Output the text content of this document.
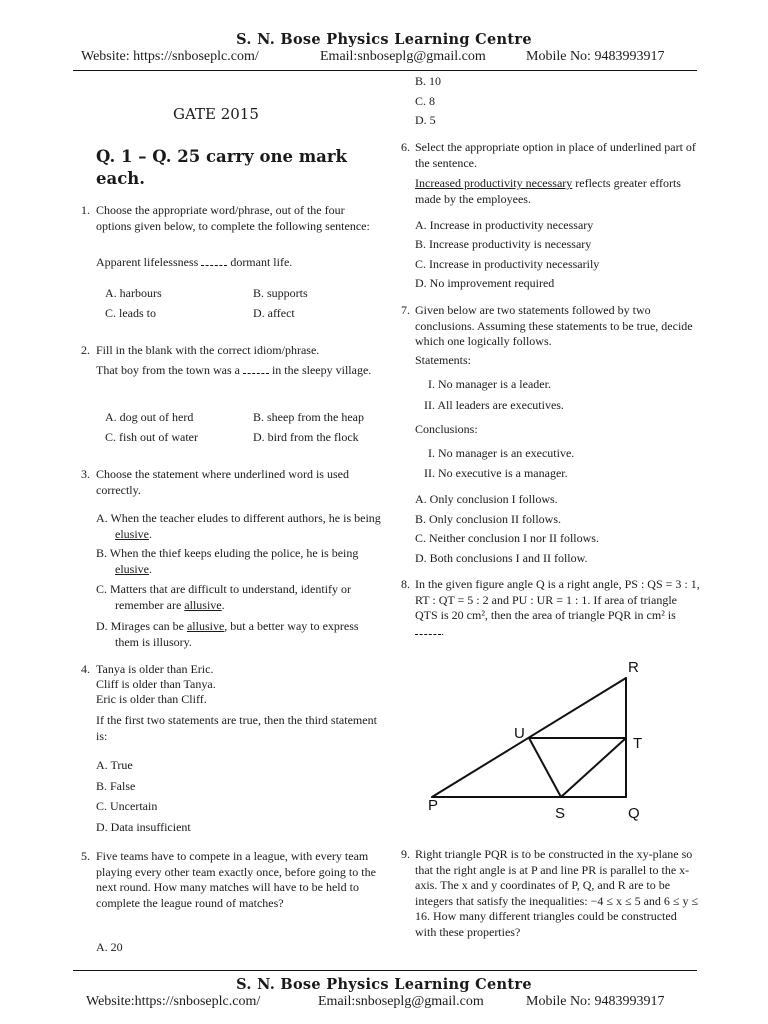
S. N. Bose Physics Learning Centre
Website: https://snboseplc.com/	Email:snboseplg@gmail.com	Mobile No: 9483993917
GATE 2015
Q. 1 – Q. 25 carry one mark each.
1. Choose the appropriate word/phrase, out of the four options given below, to complete the following sentence:
Apparent lifelessness	dormant life.
A. harbours	B. supports
C. leads to	D. affect
2. Fill in the blank with the correct idiom/phrase.
That boy from the town was a	in the sleepy village.
A. dog out of herd	B. sheep from the heap
C. fish out of water	D. bird from the flock
3. Choose the statement where underlined word is used correctly.
A. When the teacher eludes to different authors, he is being elusive.
B. When the thief keeps eluding the police, he is being elusive.
C. Matters that are difficult to understand, identify or remember are allusive.
D. Mirages can be allusive, but a better way to express them is illusory.
4. Tanya is older than Eric.
Cliff is older than Tanya.
Eric is older than Cliff.
If the first two statements are true, then the third statement is:
A. True
B. False
C. Uncertain
D. Data insufficient
5. Five teams have to compete in a league, with every team playing every other team exactly once, before going to the next round. How many matches will have to be held to complete the league round of matches?
A. 20
B. 10
C. 8
D. 5
6. Select the appropriate option in place of underlined part of the sentence.
Increased productivity necessary reflects greater efforts made by the employees.
A. Increase in productivity necessary
B. Increase productivity is necessary
C. Increase in productivity necessarily
D. No improvement required
7. Given below are two statements followed by two conclusions. Assuming these statements to be true, decide which one logically follows.
Statements:
I. No manager is a leader.
II. All leaders are executives.
Conclusions:
I. No manager is an executive.
II. No executive is a manager.
A. Only conclusion I follows.
B. Only conclusion II follows.
C. Neither conclusion I nor II follows.
D. Both conclusions I and II follow.
8. In the given figure angle Q is a right angle, PS : QS = 3 : 1, RT : QT = 5 : 2 and PU : UR = 1 : 1. If area of triangle QTS is 20 cm², then the area of triangle PQR in cm² is .
9. Right triangle PQR is to be constructed in the xy-plane so that the right angle is at P and line PR is parallel to the x-axis. The x and y coordinates of P, Q, and R are to be integers that satisfy the inequalities: −4 ≤ x ≤ 5 and 6 ≤ y ≤ 16. How many different triangles could be constructed with these properties?
R
U
T
P	S	Q
S. N. Bose Physics Learning Centre
Website:https://snboseplc.com/	Email:snboseplg@gmail.com	Mobile No: 9483993917
